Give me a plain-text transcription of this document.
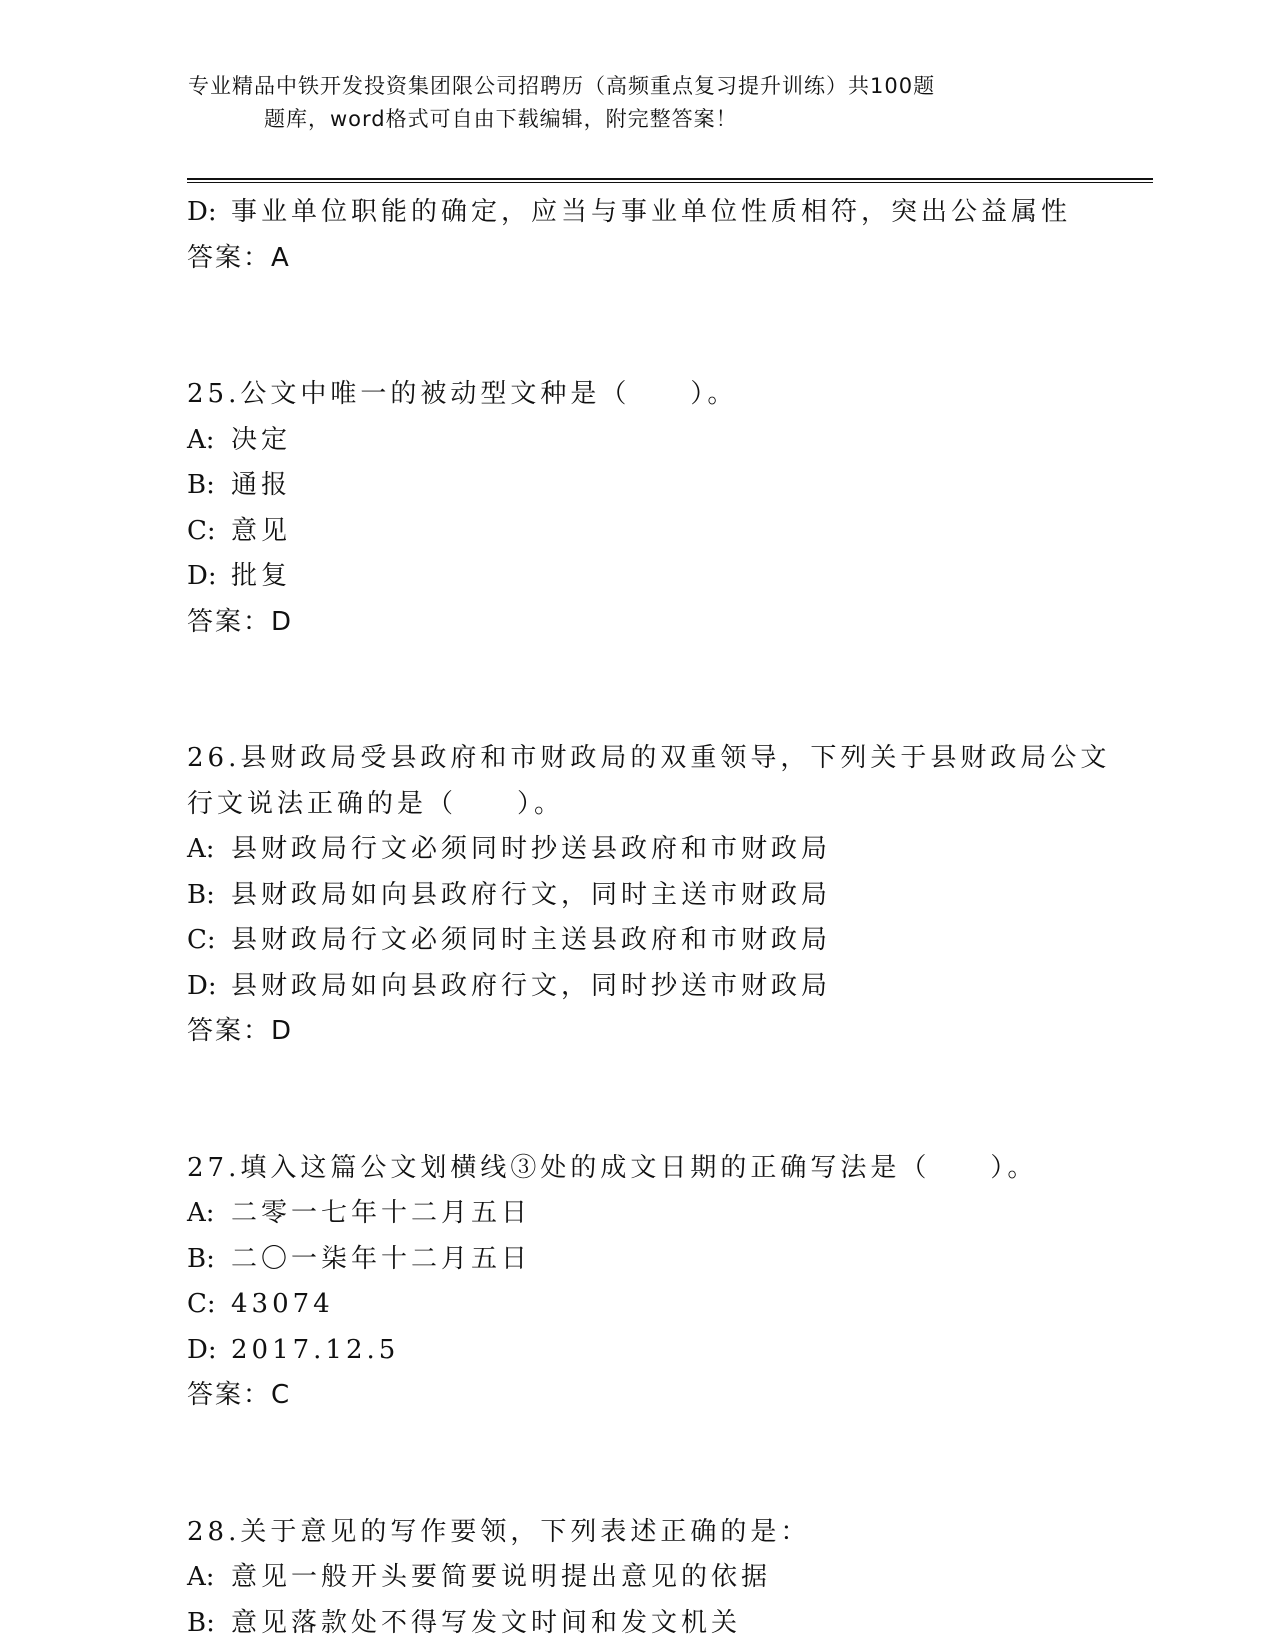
专业精品中铁开发投资集团限公司招聘历（高频重点复习提升训练）共100题
题库，word格式可自由下载编辑，附完整答案！
D: 事业单位职能的确定，应当与事业单位性质相符，突出公益属性
答案：A
25.公文中唯一的被动型文种是（　　）。
A: 决定
B: 通报
C: 意见
D: 批复
答案：D
26.县财政局受县政府和市财政局的双重领导，下列关于县财政局公文
行文说法正确的是（　　）。
A: 县财政局行文必须同时抄送县政府和市财政局
B: 县财政局如向县政府行文，同时主送市财政局
C: 县财政局行文必须同时主送县政府和市财政局
D: 县财政局如向县政府行文，同时抄送市财政局
答案：D
27.填入这篇公文划横线③处的成文日期的正确写法是（　　）。
A: 二零一七年十二月五日
B: 二〇一柒年十二月五日
C: 43074
D: 2017.12.5
答案：C
28.关于意见的写作要领，下列表述正确的是：
A: 意见一般开头要简要说明提出意见的依据
B: 意见落款处不得写发文时间和发文机关
